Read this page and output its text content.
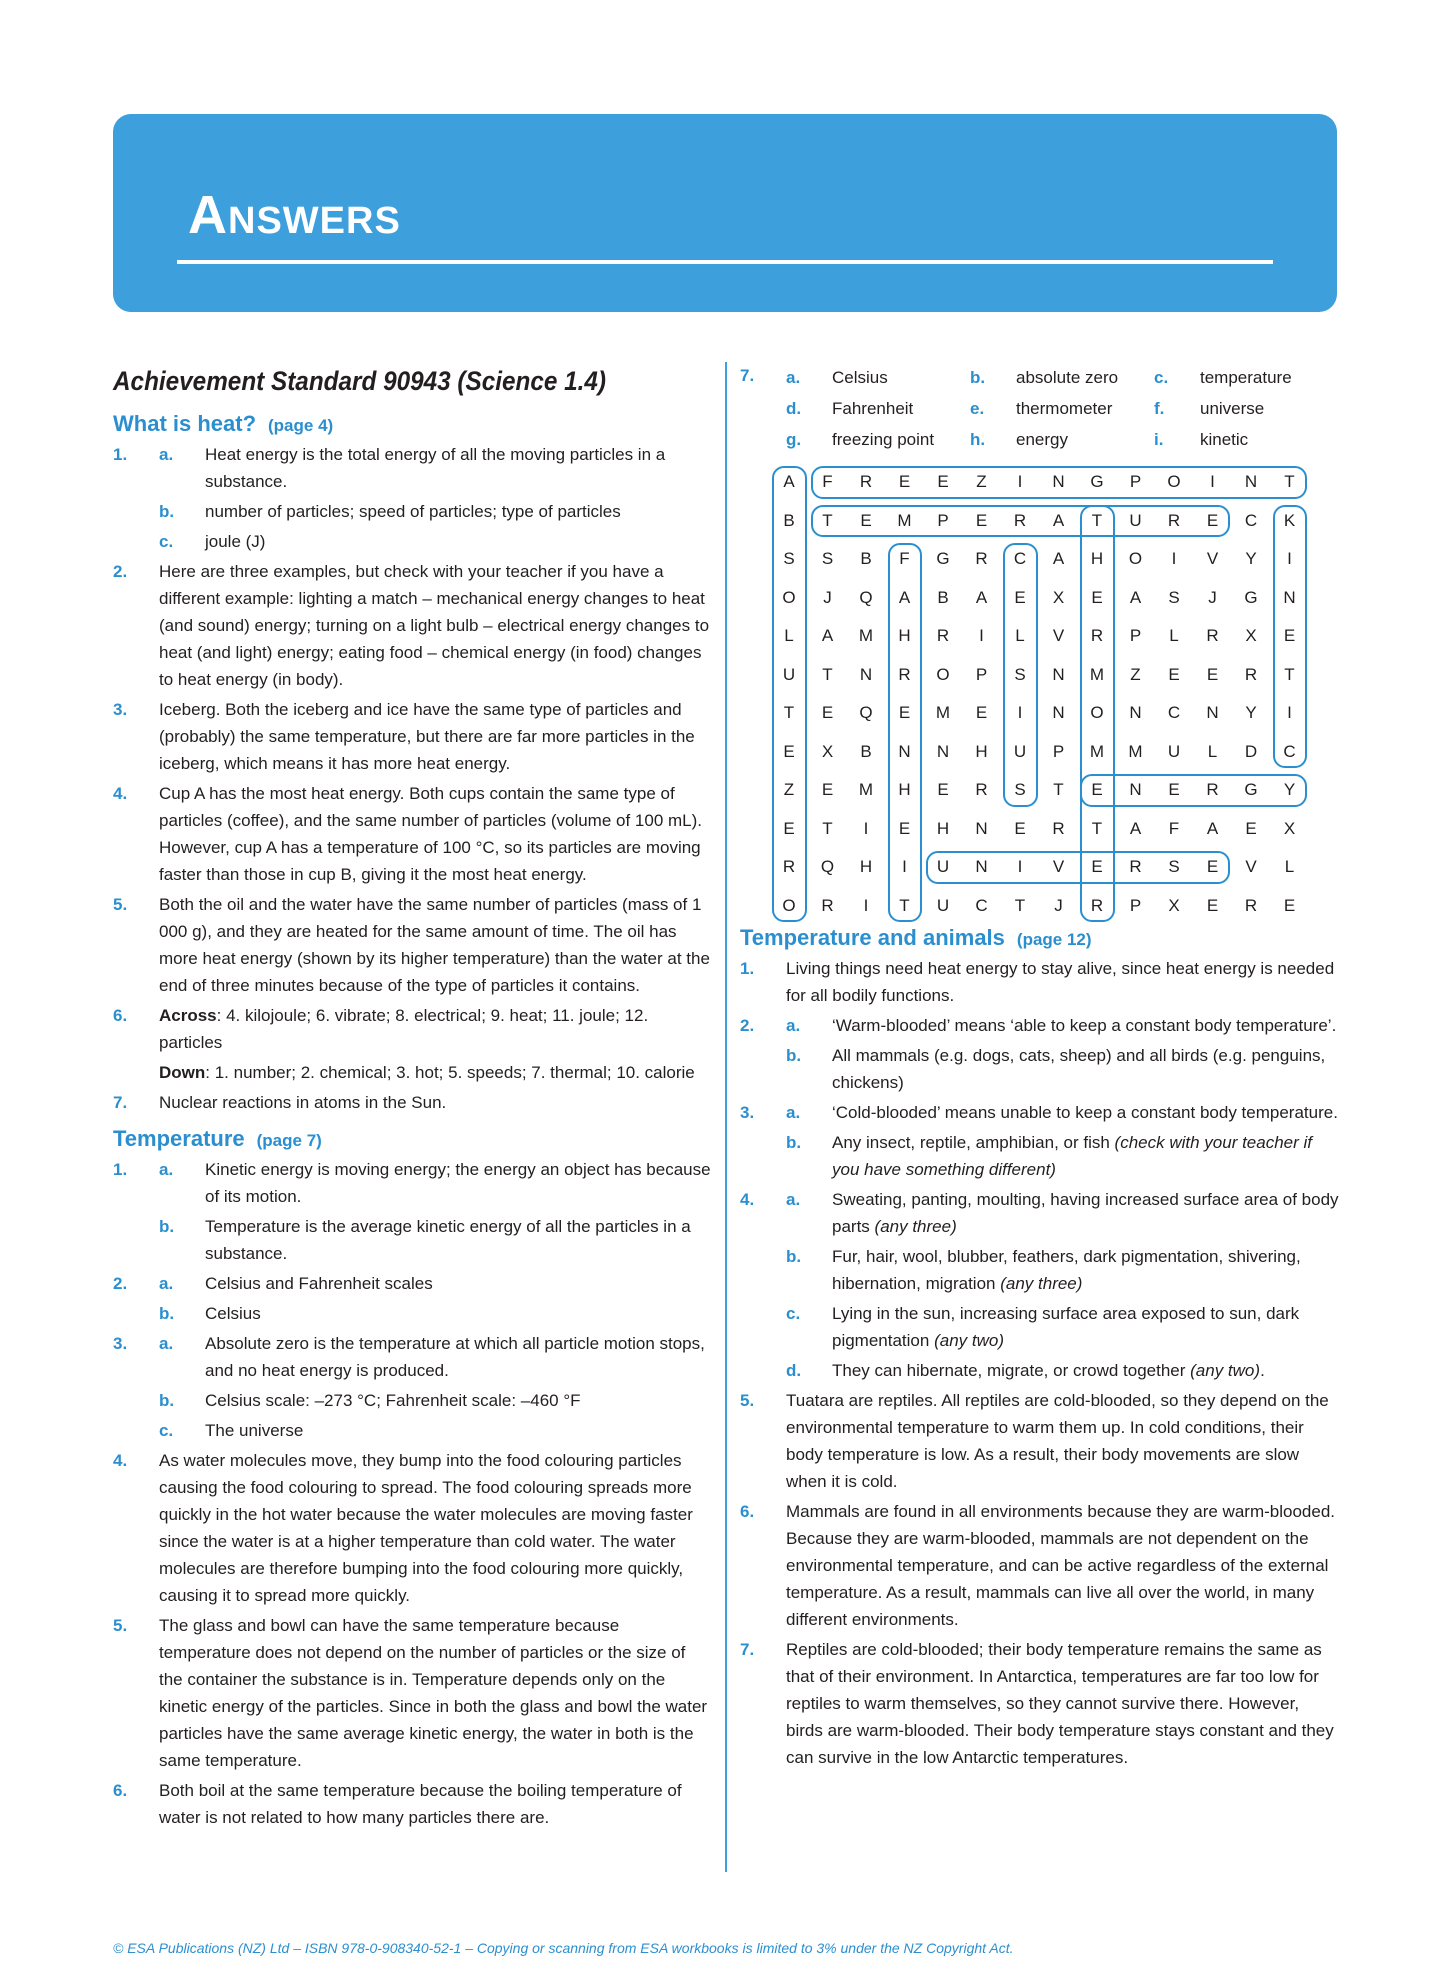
Answers
Achievement Standard 90943 (Science 1.4)
What is heat? (page 4)
1. a. Heat energy is the total energy of all the moving particles in a substance.
b. number of particles; speed of particles; type of particles
c. joule (J)
2. Here are three examples, but check with your teacher if you have a different example: lighting a match – mechanical energy changes to heat (and sound) energy; turning on a light bulb – electrical energy changes to heat (and light) energy; eating food – chemical energy (in food) changes to heat energy (in body).
3. Iceberg. Both the iceberg and ice have the same type of particles and (probably) the same temperature, but there are far more particles in the iceberg, which means it has more heat energy.
4. Cup A has the most heat energy. Both cups contain the same type of particles (coffee), and the same number of particles (volume of 100 mL). However, cup A has a temperature of 100 °C, so its particles are moving faster than those in cup B, giving it the most heat energy.
5. Both the oil and the water have the same number of particles (mass of 1 000 g), and they are heated for the same amount of time. The oil has more heat energy (shown by its higher temperature) than the water at the end of three minutes because of the type of particles it contains.
6. Across: 4. kilojoule; 6. vibrate; 8. electrical; 9. heat; 11. joule; 12. particles
Down: 1. number; 2. chemical; 3. hot; 5. speeds; 7. thermal; 10. calorie
7. Nuclear reactions in atoms in the Sun.
Temperature (page 7)
1. a. Kinetic energy is moving energy; the energy an object has because of its motion.
b. Temperature is the average kinetic energy of all the particles in a substance.
2. a. Celsius and Fahrenheit scales
b. Celsius
3. a. Absolute zero is the temperature at which all particle motion stops, and no heat energy is produced.
b. Celsius scale: –273 °C; Fahrenheit scale: –460 °F
c. The universe
4. As water molecules move, they bump into the food colouring particles causing the food colouring to spread. The food colouring spreads more quickly in the hot water because the water molecules are moving faster since the water is at a higher temperature than cold water. The water molecules are therefore bumping into the food colouring more quickly, causing it to spread more quickly.
5. The glass and bowl can have the same temperature because temperature does not depend on the number of particles or the size of the container the substance is in. Temperature depends only on the kinetic energy of the particles. Since in both the glass and bowl the water particles have the same average kinetic energy, the water in both is the same temperature.
6. Both boil at the same temperature because the boiling temperature of water is not related to how many particles there are.
7. a.	Celsius	b.	absolute zero	c.	temperature
d.	Fahrenheit	e.	thermometer	f.	universe
g.	freezing point	h.	energy	i.	kinetic
A	F	R	E	E	Z	I	N	G	P	O	I	N	T
B	T	E	M	P	E	R	A	T	U	R	E	C	K
S	S	B	F	G	R	C	A	H	O	I	V	Y	I
O	J	Q	A	B	A	E	X	E	A	S	J	G	N
L	A	M	H	R	I	L	V	R	P	L	R	X	E
U	T	N	R	O	P	S	N	M	Z	E	E	R	T
T	E	Q	E	M	E	I	N	O	N	C	N	Y	I
E	X	B	N	N	H	U	P	M	M	U	L	D	C
Z	E	M	H	E	R	S	T	E	N	E	R	G	Y
E	T	I	E	H	N	E	R	T	A	F	A	E	X
R	Q	H	I	U	N	I	V	E	R	S	E	V	L
O	R	I	T	U	C	T	J	R	P	X	E	R	E
Temperature and animals (page 12)
1. Living things need heat energy to stay alive, since heat energy is needed for all bodily functions.
2. a. ‘Warm-blooded’ means ‘able to keep a constant body temperature’.
b. All mammals (e.g. dogs, cats, sheep) and all birds (e.g. penguins, chickens)
3. a. ‘Cold-blooded’ means unable to keep a constant body temperature.
b. Any insect, reptile, amphibian, or fish (check with your teacher if you have something different)
4. a. Sweating, panting, moulting, having increased surface area of body parts (any three)
b. Fur, hair, wool, blubber, feathers, dark pigmentation, shivering, hibernation, migration (any three)
c. Lying in the sun, increasing surface area exposed to sun, dark pigmentation (any two)
d. They can hibernate, migrate, or crowd together (any two).
5. Tuatara are reptiles. All reptiles are cold-blooded, so they depend on the environmental temperature to warm them up. In cold conditions, their body temperature is low. As a result, their body movements are slow when it is cold.
6. Mammals are found in all environments because they are warm-blooded. Because they are warm-blooded, mammals are not dependent on the environmental temperature, and can be active regardless of the external temperature. As a result, mammals can live all over the world, in many different environments.
7. Reptiles are cold-blooded; their body temperature remains the same as that of their environment. In Antarctica, temperatures are far too low for reptiles to warm themselves, so they cannot survive there. However, birds are warm-blooded. Their body temperature stays constant and they can survive in the low Antarctic temperatures.
© ESA Publications (NZ) Ltd – ISBN 978-0-908340-52-1 – Copying or scanning from ESA workbooks is limited to 3% under the NZ Copyright Act.
